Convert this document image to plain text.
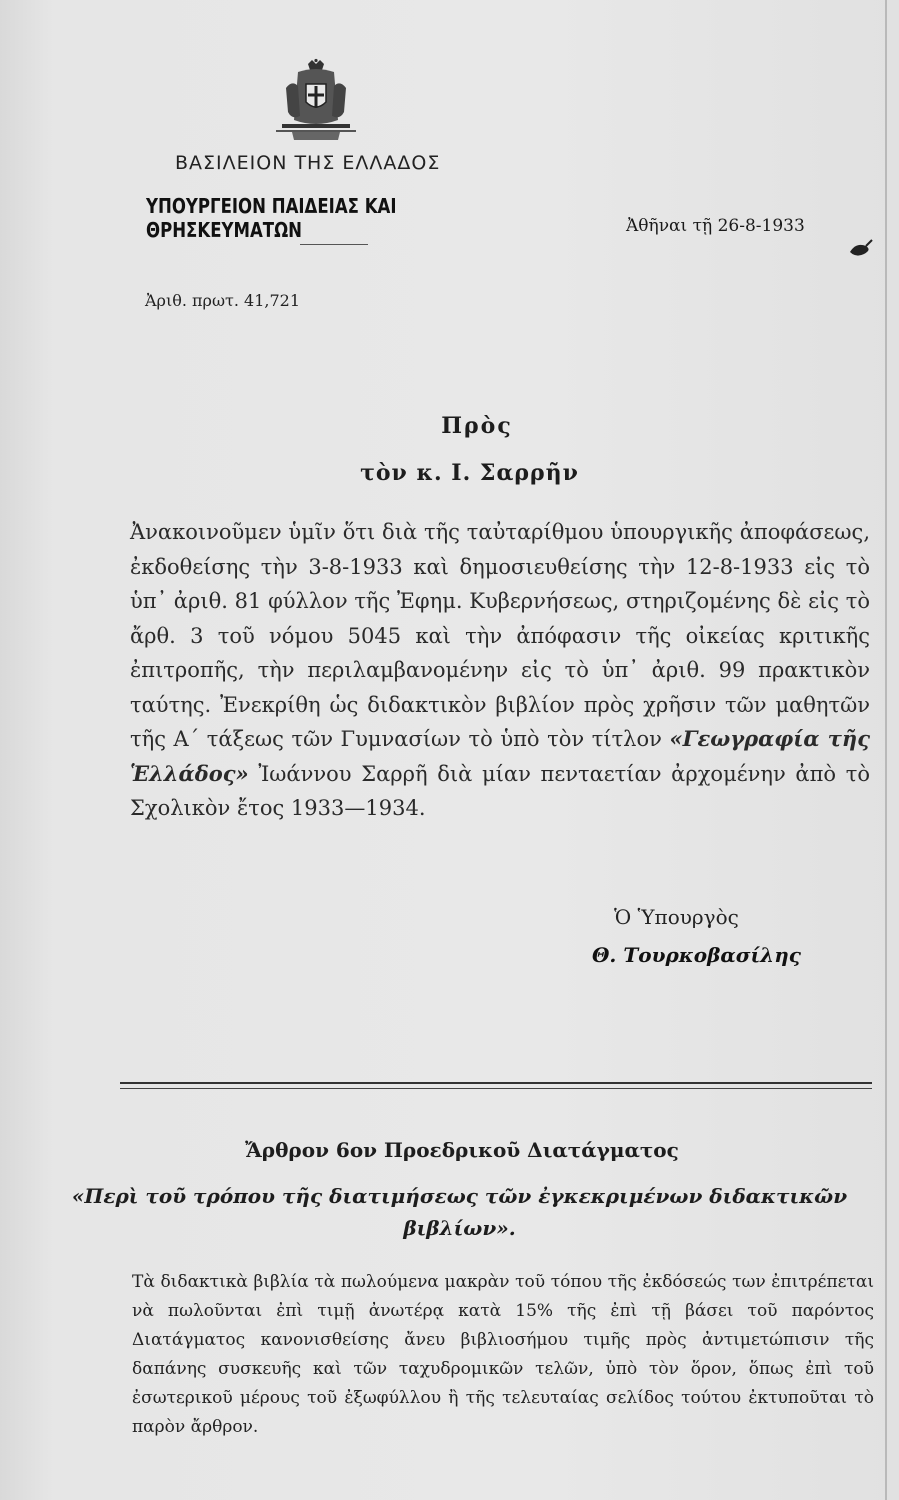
ΒΑΣΙΛΕΙΟΝ ΤΗΣ ΕΛΛΑΔΟΣ
ΥΠΟΥΡΓΕΙΟΝ ΠΑΙΔΕΙΑΣ ΚΑΙ ΘΡΗΣΚΕΥΜΑΤΩΝ	Ἀθῆναι τῇ 26-8-1933
Ἀριθ. πρωτ. 41,721
Πρὸς
τὸν κ. Ι. Σαρρῆν
Ἀνακοινοῦμεν ὑμῖν ὅτι διὰ τῆς ταὐταρίθμου ὑπουργικῆς ἀποφάσεως, ἐκδοθείσης τὴν 3-8-1933 καὶ δημοσιευθείσης τὴν 12-8-1933 εἰς τὸ ὑπ᾽ ἀριθ. 81 φύλλον τῆς Ἐφημ. Κυβερνήσεως, στηριζομένης δὲ εἰς τὸ ἄρθ. 3 τοῦ νόμου 5045 καὶ τὴν ἀπόφασιν τῆς οἰκείας κριτικῆς ἐπιτροπῆς, τὴν περιλαμβανομένην εἰς τὸ ὑπ᾽ ἀριθ. 99 πρακτικὸν ταύτης. Ἐνεκρίθη ὡς διδακτικὸν βιβλίον πρὸς χρῆσιν τῶν μαθητῶν τῆς Α΄ τάξεως τῶν Γυμνασίων τὸ ὑπὸ τὸν τίτλον «Γεωγραφία τῆς Ἑλλάδος» Ἰωάννου Σαρρῆ διὰ μίαν πενταετίαν ἀρχομένην ἀπὸ τὸ Σχολικὸν ἔτος 1933—1934.
Ὁ Ὑπουργὸς
Θ. Τουρκοβασίλης
Ἄρθρον 6ον Προεδρικοῦ Διατάγματος
«Περὶ τοῦ τρόπου τῆς διατιμήσεως τῶν ἐγκεκριμένων διδακτικῶν βιβλίων».
Τὰ διδακτικὰ βιβλία τὰ πωλούμενα μακρὰν τοῦ τόπου τῆς ἐκδόσεώς των ἐπιτρέπεται νὰ πωλοῦνται ἐπὶ τιμῇ ἀνωτέρᾳ κατὰ 15% τῆς ἐπὶ τῇ βάσει τοῦ παρόντος Διατάγματος κανονισθείσης ἄνευ βιβλιοσήμου τιμῆς πρὸς ἀντιμετώπισιν τῆς δαπάνης συσκευῆς καὶ τῶν ταχυδρομικῶν τελῶν, ὑπὸ τὸν ὅρον, ὅπως ἐπὶ τοῦ ἐσωτερικοῦ μέρους τοῦ ἐξωφύλλου ἢ τῆς τελευταίας σελίδος τούτου ἐκτυποῦται τὸ παρὸν ἄρθρον.
